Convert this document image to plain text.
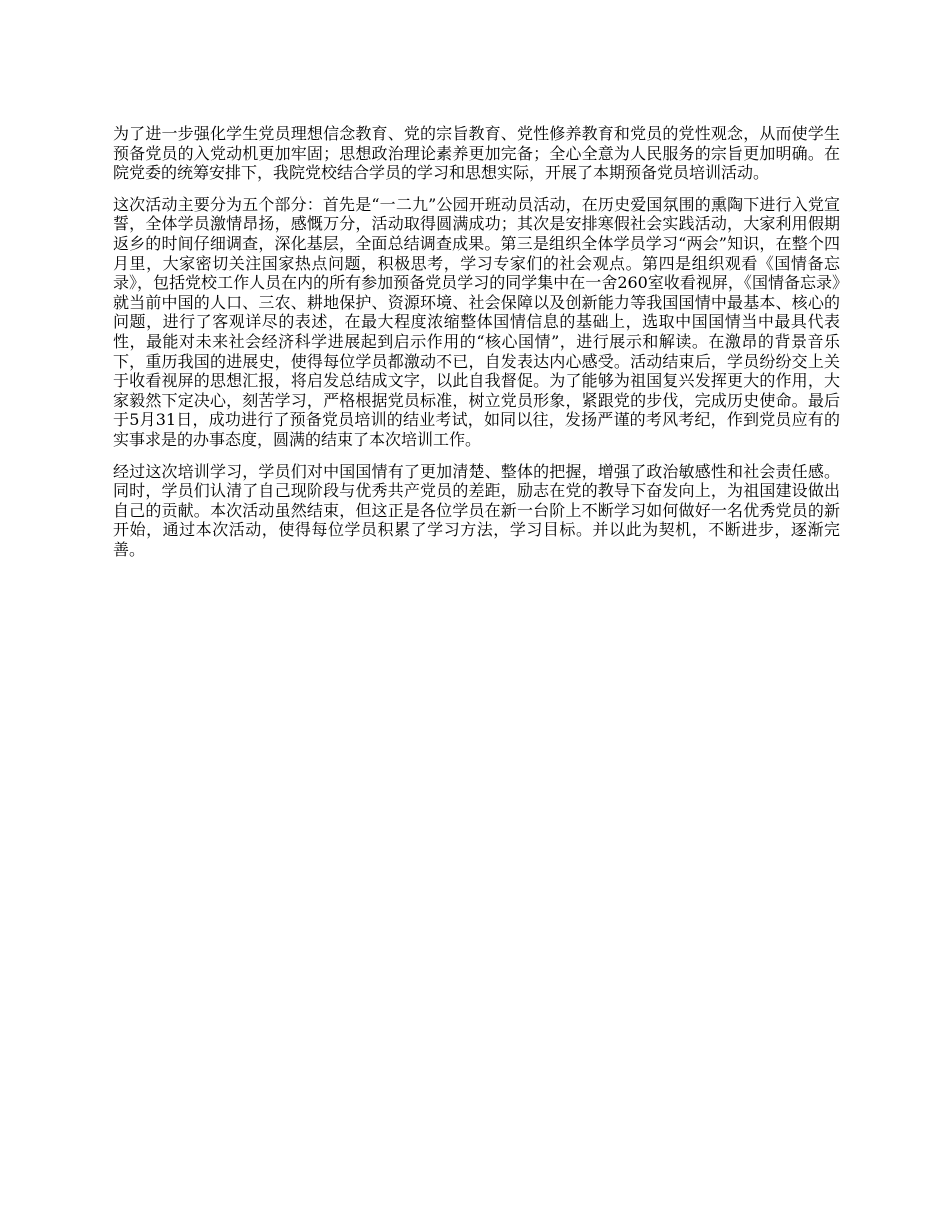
为了进一步强化学生党员理想信念教育、党的宗旨教育、党性修养教育和党员的党性观念，从而使学生预备党员的入党动机更加牢固；思想政治理论素养更加完备；全心全意为人民服务的宗旨更加明确。在院党委的统筹安排下，我院党校结合学员的学习和思想实际，开展了本期预备党员培训活动。

这次活动主要分为五个部分：首先是“一二九”公园开班动员活动，在历史爱国氛围的熏陶下进行入党宣誓，全体学员激情昂扬，感慨万分，活动取得圆满成功；其次是安排寒假社会实践活动，大家利用假期返乡的时间仔细调查，深化基层，全面总结调查成果。第三是组织全体学员学习“两会”知识，在整个四月里，大家密切关注国家热点问题，积极思考，学习专家们的社会观点。第四是组织观看《国情备忘录》，包括党校工作人员在内的所有参加预备党员学习的同学集中在一舍260室收看视屏，《国情备忘录》就当前中国的人口、三农、耕地保护、资源环境、社会保障以及创新能力等我国国情中最基本、核心的问题，进行了客观详尽的表述，在最大程度浓缩整体国情信息的基础上，选取中国国情当中最具代表性，最能对未来社会经济科学进展起到启示作用的“核心国情”，进行展示和解读。在激昂的背景音乐下，重历我国的进展史，使得每位学员都激动不已，自发表达内心感受。活动结束后，学员纷纷交上关于收看视屏的思想汇报，将启发总结成文字，以此自我督促。为了能够为祖国复兴发挥更大的作用，大家毅然下定决心，刻苦学习，严格根据党员标准，树立党员形象，紧跟党的步伐，完成历史使命。最后于5月31日，成功进行了预备党员培训的结业考试，如同以往，发扬严谨的考风考纪，作到党员应有的实事求是的办事态度，圆满的结束了本次培训工作。

经过这次培训学习，学员们对中国国情有了更加清楚、整体的把握，增强了政治敏感性和社会责任感。同时，学员们认清了自己现阶段与优秀共产党员的差距，励志在党的教导下奋发向上，为祖国建设做出自己的贡献。本次活动虽然结束，但这正是各位学员在新一台阶上不断学习如何做好一名优秀党员的新开始，通过本次活动，使得每位学员积累了学习方法，学习目标。并以此为契机，不断进步，逐渐完善。
